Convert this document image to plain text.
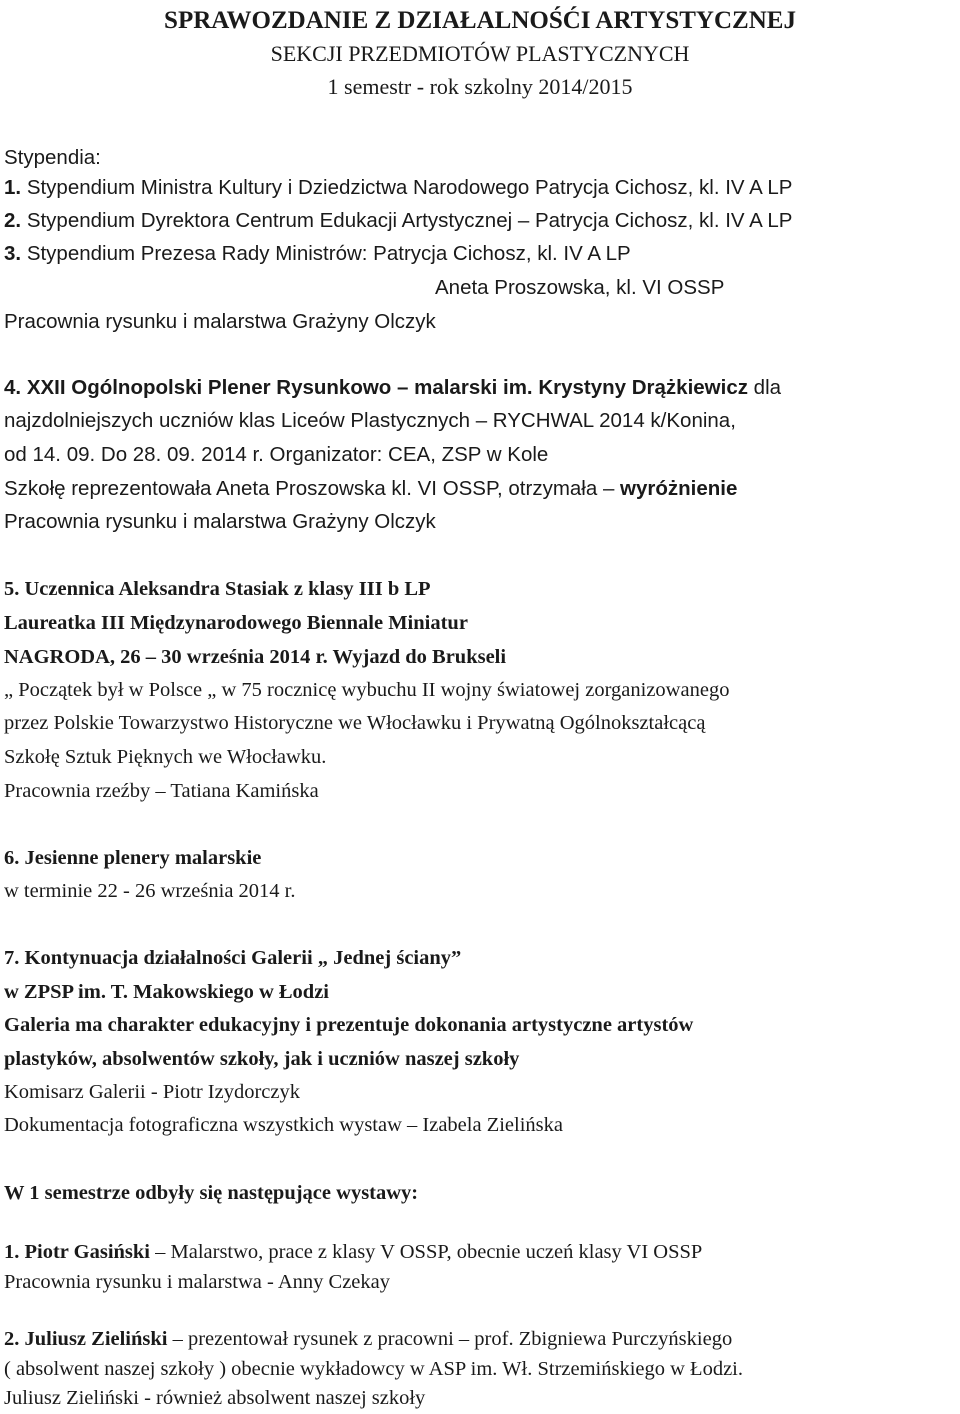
SPRAWOZDANIE Z DZIAŁALNOŚĆI ARTYSTYCZNEJ
SEKCJI PRZEDMIOTÓW PLASTYCZNYCH
1 semestr - rok szkolny 2014/2015
Stypendia:
1. Stypendium Ministra Kultury i Dziedzictwa Narodowego Patrycja Cichosz, kl. IV A LP
2. Stypendium Dyrektora Centrum Edukacji Artystycznej – Patrycja Cichosz, kl. IV A LP
3. Stypendium Prezesa Rady Ministrów: Patrycja Cichosz, kl. IV A LP
Aneta Proszowska, kl. VI OSSP
Pracownia rysunku i malarstwa Grażyny Olczyk
4. XXII Ogólnopolski Plener Rysunkowo – malarski im. Krystyny Drążkiewicz dla
najzdolniejszych uczniów klas Liceów Plastycznych – RYCHWAL 2014 k/Konina,
od 14. 09. Do 28. 09. 2014 r. Organizator: CEA, ZSP w Kole
Szkołę reprezentowała Aneta Proszowska kl. VI OSSP, otrzymała – wyróżnienie
Pracownia rysunku i malarstwa Grażyny Olczyk
5. Uczennica Aleksandra Stasiak z klasy III b LP
Laureatka III Międzynarodowego Biennale Miniatur
NAGRODA, 26 – 30 września 2014 r. Wyjazd do Brukseli
„ Początek był w Polsce „ w 75 rocznicę wybuchu II wojny światowej zorganizowanego
przez Polskie Towarzystwo Historyczne we Włocławku i Prywatną Ogólnokształcącą
Szkołę Sztuk Pięknych we Włocławku.
Pracownia rzeźby – Tatiana Kamińska
6. Jesienne plenery malarskie
w terminie 22 - 26 września 2014 r.
7. Kontynuacja działalności Galerii „ Jednej ściany”
w ZPSP im. T. Makowskiego w Łodzi
Galeria ma charakter edukacyjny i prezentuje dokonania artystyczne artystów
plastyków, absolwentów szkoły, jak i uczniów naszej szkoły
Komisarz Galerii - Piotr Izydorczyk
Dokumentacja fotograficzna wszystkich wystaw – Izabela Zielińska
W 1 semestrze odbyły się następujące wystawy:
1. Piotr Gasiński – Malarstwo, prace z klasy V OSSP, obecnie uczeń klasy VI OSSP
Pracownia rysunku i malarstwa - Anny Czekay
2. Juliusz Zieliński – prezentował rysunek z pracowni – prof. Zbigniewa Purczyńskiego
( absolwent naszej szkoły ) obecnie wykładowcy w ASP im. Wł. Strzemińskiego w Łodzi.
Juliusz Zieliński - również absolwent naszej szkoły
